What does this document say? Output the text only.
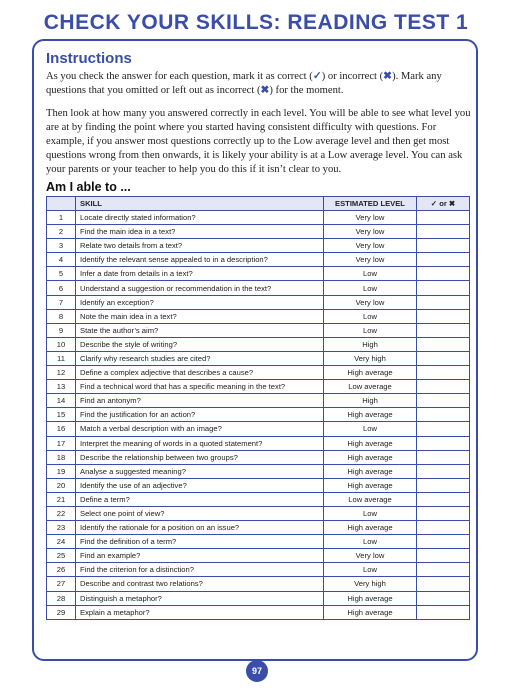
CHECK YOUR SKILLS: READING TEST 1
Instructions

As you check the answer for each question, mark it as correct (✓) or incorrect (✖). Mark any questions that you omitted or left out as incorrect (✖) for the moment.

Then look at how many you answered correctly in each level. You will be able to see what level you are at by finding the point where you started having consistent difficulty with questions. For example, if you answer most questions correctly up to the Low average level and then get most questions wrong from then onwards, it is likely your ability is at a Low average level. You can ask your parents or your teacher to help you do this if it isn’t clear to you.

Am I able to ...
	SKILL	ESTIMATED LEVEL	✓ or ✖
1	Locate directly stated information?	Very low	
2	Find the main idea in a text?	Very low	
3	Relate two details from a text?	Very low	
4	Identify the relevant sense appealed to in a description?	Very low	
5	Infer a date from details in a text?	Low	
6	Understand a suggestion or recommendation in the text?	Low	
7	Identify an exception?	Very low	
8	Note the main idea in a text?	Low	
9	State the author’s aim?	Low	
10	Describe the style of writing?	High	
11	Clarify why research studies are cited?	Very high	
12	Define a complex adjective that describes a cause?	High average	
13	Find a technical word that has a specific meaning in the text?	Low average	
14	Find an antonym?	High	
15	Find the justification for an action?	High average	
16	Match a verbal description with an image?	Low	
17	Interpret the meaning of words in a quoted statement?	High average	
18	Describe the relationship between two groups?	High average	
19	Analyse a suggested meaning?	High average	
20	Identify the use of an adjective?	High average	
21	Define a term?	Low average	
22	Select one point of view?	Low	
23	Identify the rationale for a position on an issue?	High average	
24	Find the definition of a term?	Low	
25	Find an example?	Very low	
26	Find the criterion for a distinction?	Low	
27	Describe and contrast two relations?	Very high	
28	Distinguish a metaphor?	High average	
29	Explain a metaphor?	High average	
97
